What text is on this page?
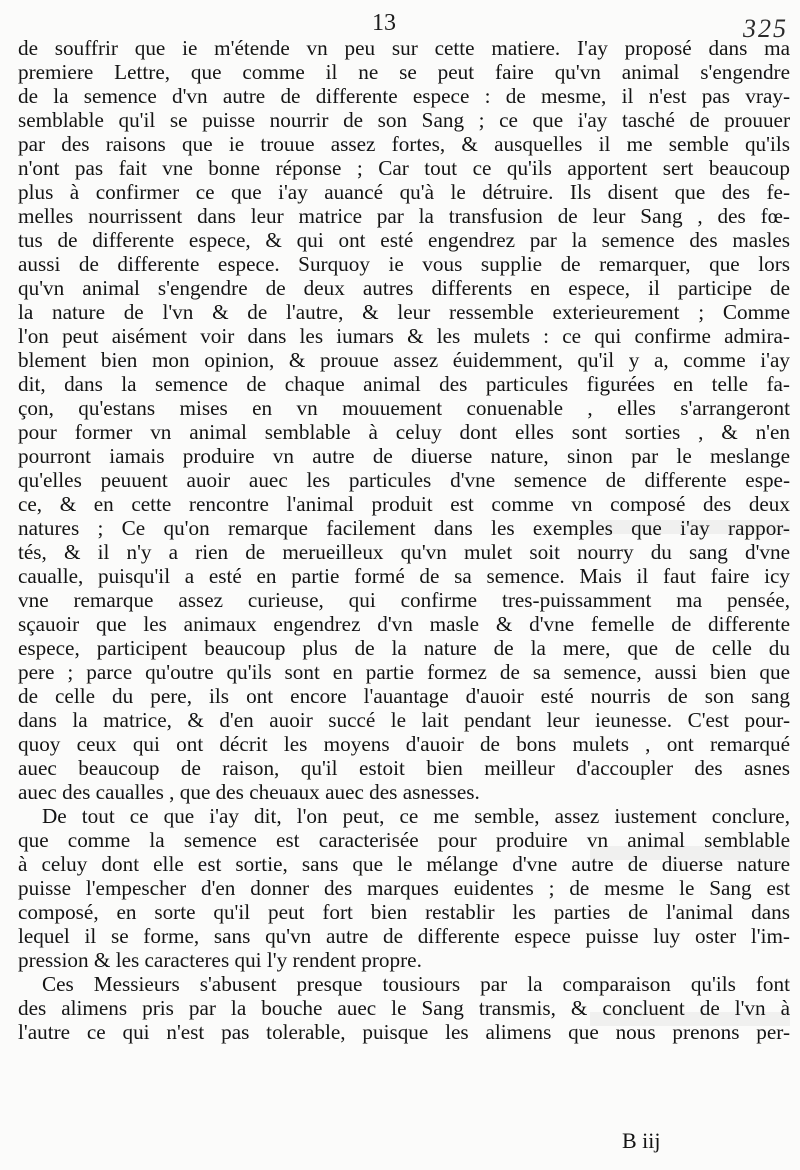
13	325
de souffrir que ie m'étende vn peu sur cette matiere. I'ay proposé dans ma
premiere Lettre, que comme il ne se peut faire qu'vn animal s'engendre
de la semence d'vn autre de differente espece : de mesme, il n'est pas vray-
semblable qu'il se puisse nourrir de son Sang ; ce que i'ay tasché de prouuer
par des raisons que ie trouue assez fortes, & ausquelles il me semble qu'ils
n'ont pas fait vne bonne réponse ; Car tout ce qu'ils apportent sert beaucoup
plus à confirmer ce que i'ay auancé qu'à le détruire. Ils disent que des fe-
melles nourrissent dans leur matrice par la transfusion de leur Sang , des fœ-
tus de differente espece, & qui ont esté engendrez par la semence des masles
aussi de differente espece. Surquoy ie vous supplie de remarquer, que lors
qu'vn animal s'engendre de deux autres differents en espece, il participe de
la nature de l'vn & de l'autre, & leur ressemble exterieurement ; Comme
l'on peut aisément voir dans les iumars & les mulets : ce qui confirme admira-
blement bien mon opinion, & prouue assez éuidemment, qu'il y a, comme i'ay
dit, dans la semence de chaque animal des particules figurées en telle fa-
çon, qu'estans mises en vn mouuement conuenable , elles s'arrangeront
pour former vn animal semblable à celuy dont elles sont sorties , & n'en
pourront iamais produire vn autre de diuerse nature, sinon par le meslange
qu'elles peuuent auoir auec les particules d'vne semence de differente espe-
ce, & en cette rencontre l'animal produit est comme vn composé des deux
natures ; Ce qu'on remarque facilement dans les exemples que i'ay rappor-
tés, & il n'y a rien de merueilleux qu'vn mulet soit nourry du sang d'vne
caualle, puisqu'il a esté en partie formé de sa semence. Mais il faut faire icy
vne remarque assez curieuse, qui confirme tres-puissamment ma pensée,
sçauoir que les animaux engendrez d'vn masle & d'vne femelle de differente
espece, participent beaucoup plus de la nature de la mere, que de celle du
pere ; parce qu'outre qu'ils sont en partie formez de sa semence, aussi bien que
de celle du pere, ils ont encore l'auantage d'auoir esté nourris de son sang
dans la matrice, & d'en auoir succé le lait pendant leur ieunesse. C'est pour-
quoy ceux qui ont décrit les moyens d'auoir de bons mulets , ont remarqué
auec beaucoup de raison, qu'il estoit bien meilleur d'accoupler des asnes
auec des caualles , que des cheuaux auec des asnesses.
De tout ce que i'ay dit, l'on peut, ce me semble, assez iustement conclure,
que comme la semence est caracterisée pour produire vn animal semblable
à celuy dont elle est sortie, sans que le mélange d'vne autre de diuerse nature
puisse l'empescher d'en donner des marques euidentes ; de mesme le Sang est
composé, en sorte qu'il peut fort bien restablir les parties de l'animal dans
lequel il se forme, sans qu'vn autre de differente espece puisse luy oster l'im-
pression & les caracteres qui l'y rendent propre.
Ces Messieurs s'abusent presque tousiours par la comparaison qu'ils font
des alimens pris par la bouche auec le Sang transmis, & concluent de l'vn à
l'autre ce qui n'est pas tolerable, puisque les alimens que nous prenons per-
B iij
